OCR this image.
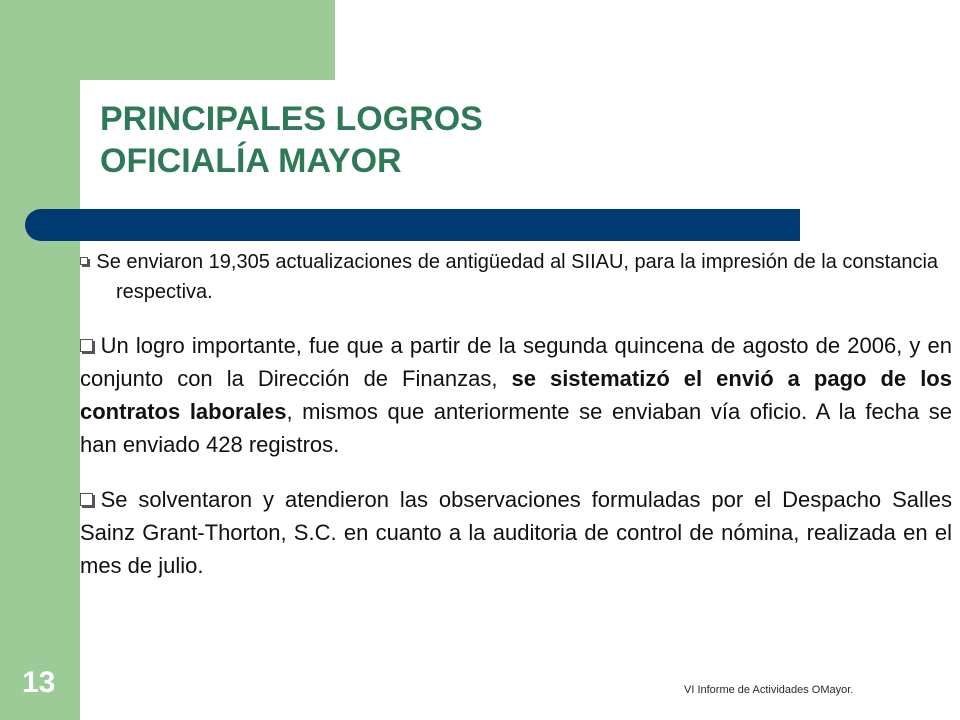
PRINCIPALES LOGROS
OFICIALÍA MAYOR

Se enviaron 19,305 actualizaciones de antigüedad al SIIAU, para la impresión de la constancia respectiva.

Un logro importante, fue que a partir de la segunda quincena de agosto de 2006, y en conjunto con la Dirección de Finanzas, se sistematizó el envió a pago de los contratos laborales, mismos que anteriormente se enviaban vía oficio. A la fecha se han enviado 428 registros.

Se solventaron y atendieron las observaciones formuladas por el Despacho Salles Sainz Grant-Thorton, S.C. en cuanto a la auditoria de control de nómina, realizada en el mes de julio.

13	VI Informe de Actividades OMayor.
